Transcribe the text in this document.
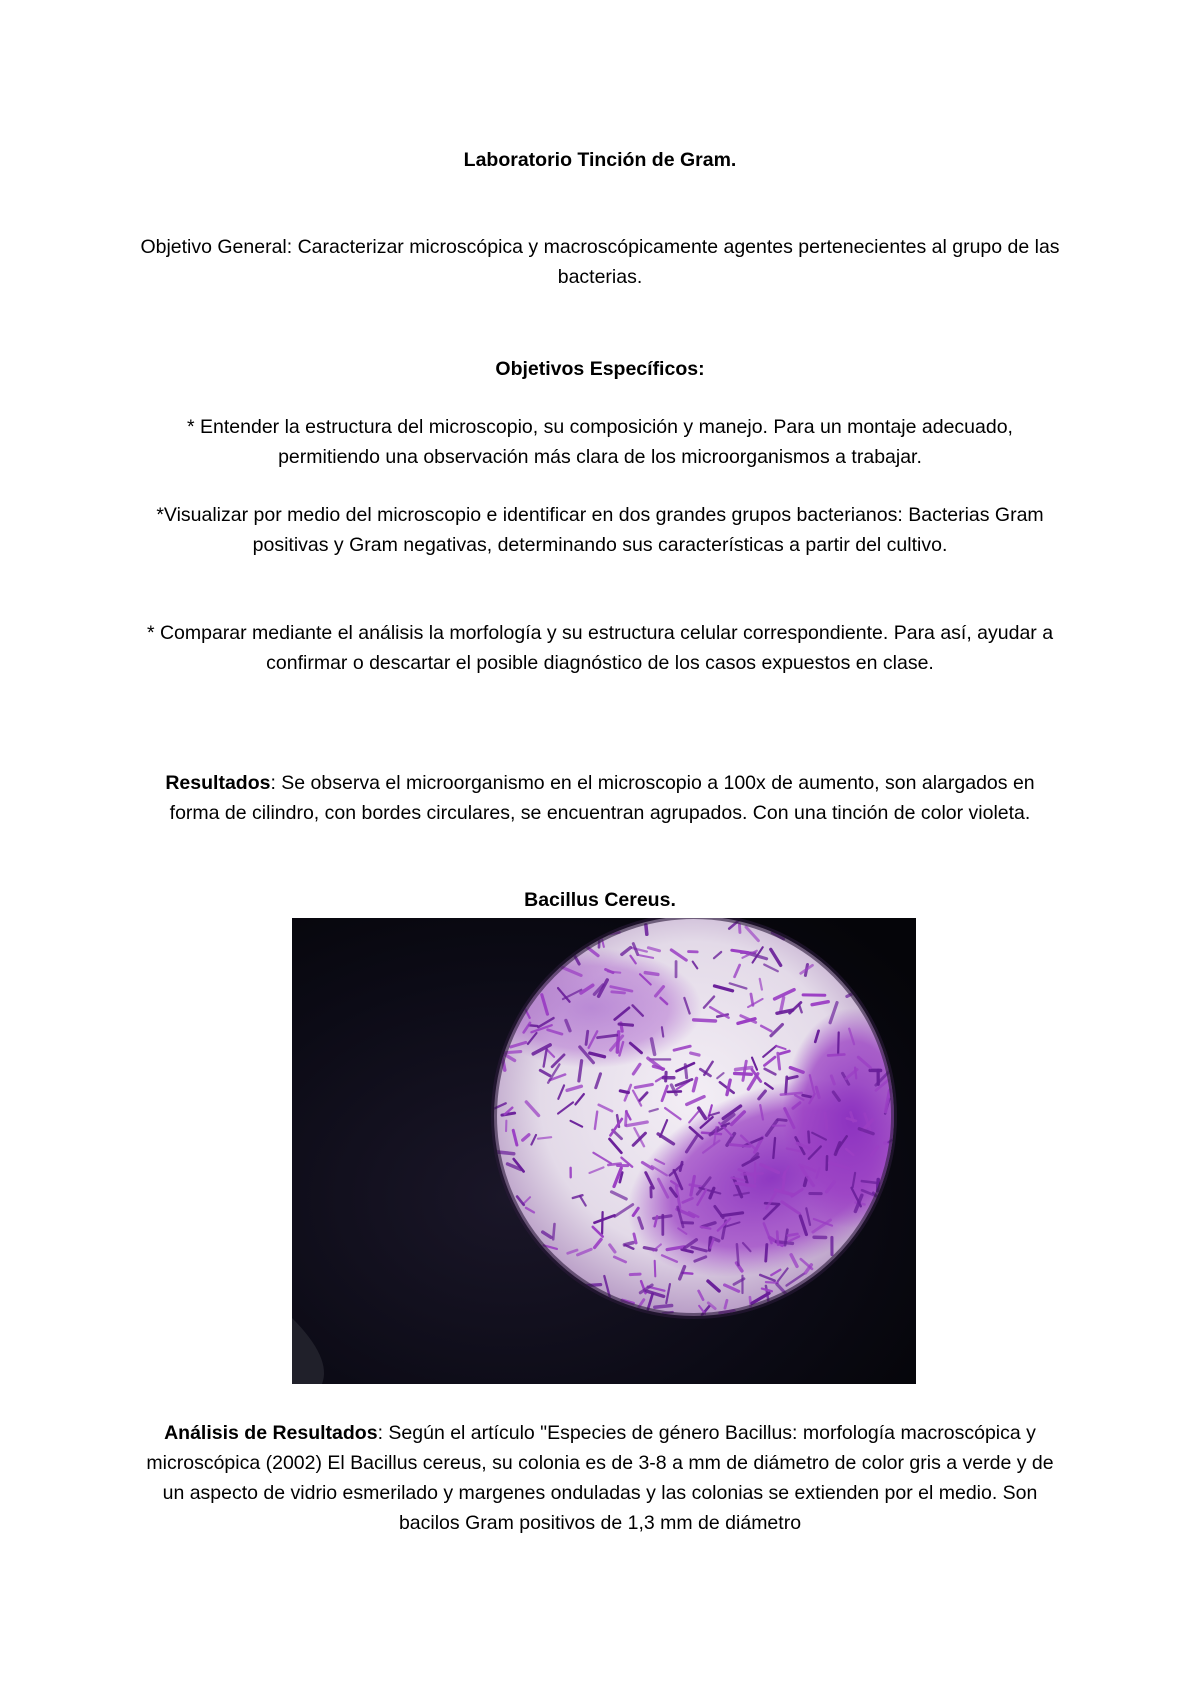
Laboratorio Tinción de Gram.

Objetivo General: Caracterizar microscópica y macroscópicamente agentes pertenecientes al grupo de las bacterias.

Objetivos Específicos:

* Entender la estructura del microscopio, su composición y manejo. Para un montaje adecuado, permitiendo una observación más clara de los microorganismos a trabajar.

*Visualizar por medio del microscopio e identificar en dos grandes grupos bacterianos: Bacterias Gram positivas y Gram negativas, determinando sus características a partir del cultivo.

* Comparar mediante el análisis la morfología y su estructura celular correspondiente. Para así, ayudar a confirmar o descartar el posible diagnóstico de los casos expuestos en clase.

Resultados: Se observa el microorganismo en el microscopio a 100x de aumento, son alargados en forma de cilindro, con bordes circulares, se encuentran agrupados. Con una tinción de color violeta.

Bacillus Cereus.

Análisis de Resultados: Según el artículo "Especies de género Bacillus: morfología macroscópica y microscópica (2002) El Bacillus cereus, su colonia es de 3-8 a mm de diámetro de color gris a verde y de un aspecto de vidrio esmerilado y margenes onduladas y las colonias se extienden por el medio. Son bacilos Gram positivos de 1,3 mm de diámetro
